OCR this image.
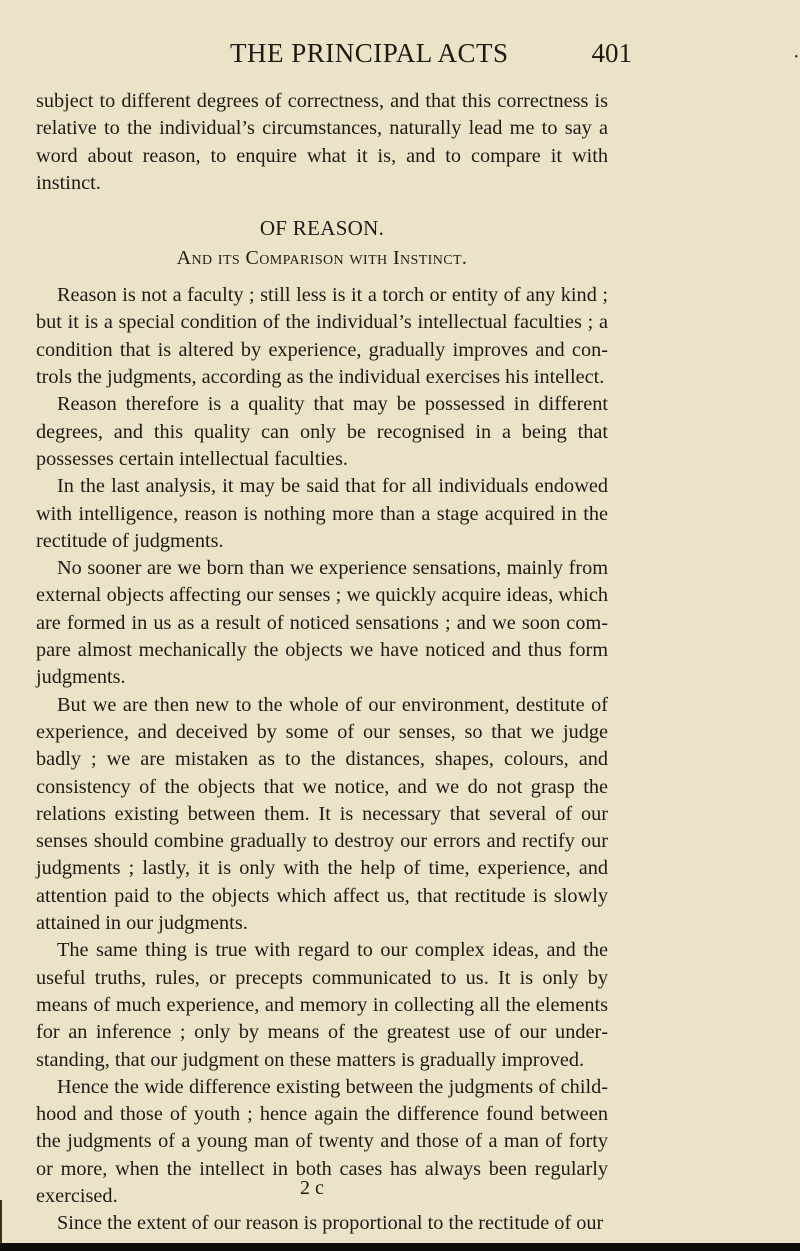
THE PRINCIPAL ACTS	401	•

subject to different degrees of correctness, and that this correctness is relative to the individual’s circumstances, naturally lead me to say a word about reason, to enquire what it is, and to compare it with instinct.

OF REASON.
And its Comparison with Instinct.

Reason is not a faculty ; still less is it a torch or entity of any kind ; but it is a special condition of the individual’s intellectual faculties ; a condition that is altered by experience, gradually improves and controls the judgments, according as the individual exercises his intellect.

Reason therefore is a quality that may be possessed in different degrees, and this quality can only be recognised in a being that possesses certain intellectual faculties.

In the last analysis, it may be said that for all individuals endowed with intelligence, reason is nothing more than a stage acquired in the rectitude of judgments.

No sooner are we born than we experience sensations, mainly from external objects affecting our senses ; we quickly acquire ideas, which are formed in us as a result of noticed sensations ; and we soon compare almost mechanically the objects we have noticed and thus form judgments.

But we are then new to the whole of our environment, destitute of experience, and deceived by some of our senses, so that we judge badly ; we are mistaken as to the distances, shapes, colours, and consistency of the objects that we notice, and we do not grasp the relations existing between them. It is necessary that several of our senses should combine gradually to destroy our errors and rectify our judgments ; lastly, it is only with the help of time, experience, and attention paid to the objects which affect us, that rectitude is slowly attained in our judgments.

The same thing is true with regard to our complex ideas, and the useful truths, rules, or precepts communicated to us. It is only by means of much experience, and memory in collecting all the elements for an inference ; only by means of the greatest use of our understanding, that our judgment on these matters is gradually improved.

Hence the wide difference existing between the judgments of childhood and those of youth ; hence again the difference found between the judgments of a young man of twenty and those of a man of forty or more, when the intellect in both cases has always been regularly exercised.

Since the extent of our reason is proportional to the rectitude of our

2 c
